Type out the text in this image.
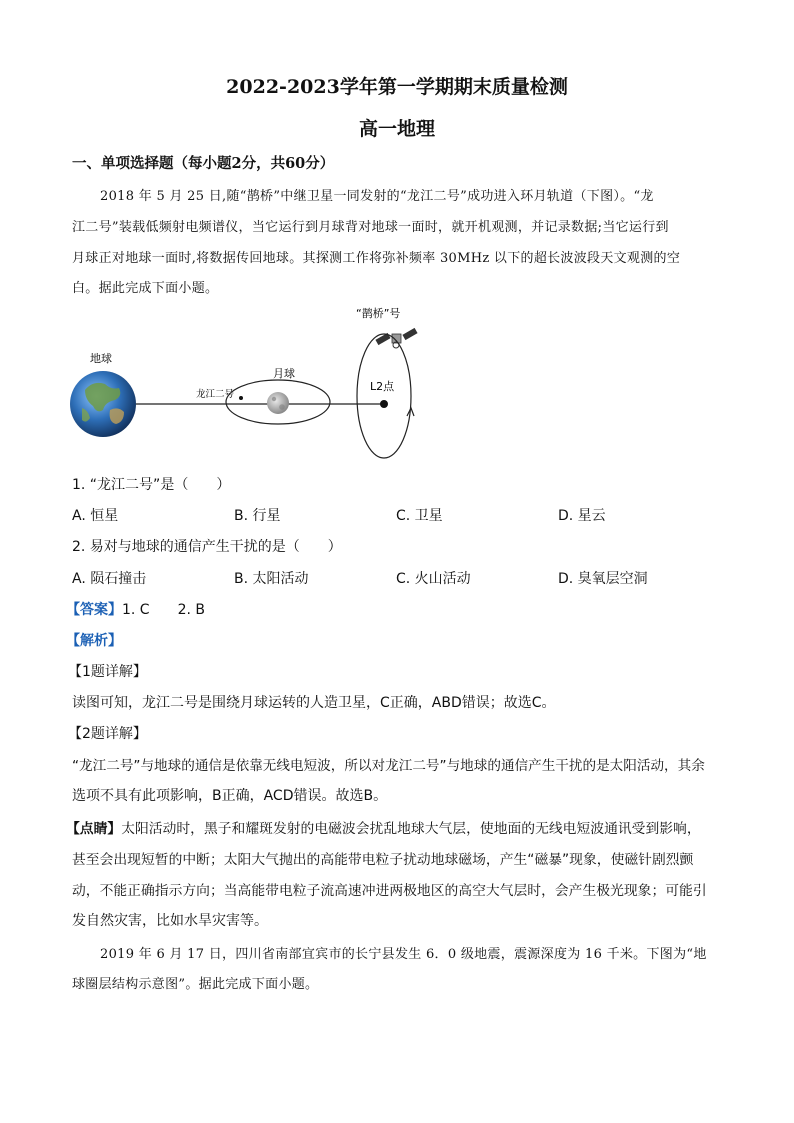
2022-2023学年第一学期期末质量检测
高一地理
一、单项选择题（每小题2分，共60分）
2018 年 5 月 25 日,随“鹊桥”中继卫星一同发射的“龙江二号”成功进入环月轨道（下图）。“龙
江二号”装载低频射电频谱仪，当它运行到月球背对地球一面时，就开机观测，并记录数据;当它运行到
月球正对地球一面时,将数据传回地球。其探测工作将弥补频率 30MHz 以下的超长波波段天文观测的空
白。据此完成下面小题。
地球
龙江二号
月球
“鹊桥”号
L2点
1. “龙江二号”是（　　）
A. 恒星	B. 行星	C. 卫星	D. 星云
2. 易对与地球的通信产生干扰的是（　　）
A. 陨石撞击	B. 太阳活动	C. 火山活动	D. 臭氧层空洞
【答案】1. C　　2. B
【解析】
【1题详解】
读图可知，龙江二号是围绕月球运转的人造卫星，C正确，ABD错误；故选C。
【2题详解】
“龙江二号”与地球的通信是依靠无线电短波，所以对龙江二号”与地球的通信产生干扰的是太阳活动，其余
选项不具有此项影响，B正确，ACD错误。故选B。
【点睛】太阳活动时，黑子和耀斑发射的电磁波会扰乱地球大气层，使地面的无线电短波通讯受到影响，
甚至会出现短暂的中断；太阳大气抛出的高能带电粒子扰动地球磁场，产生“磁暴”现象，使磁针剧烈颤
动，不能正确指示方向；当高能带电粒子流高速冲进两极地区的高空大气层时，会产生极光现象；可能引
发自然灾害，比如水旱灾害等。
2019 年 6 月 17 日，四川省南部宜宾市的长宁县发生 6．0 级地震，震源深度为 16 千米。下图为“地
球圈层结构示意图”。据此完成下面小题。
